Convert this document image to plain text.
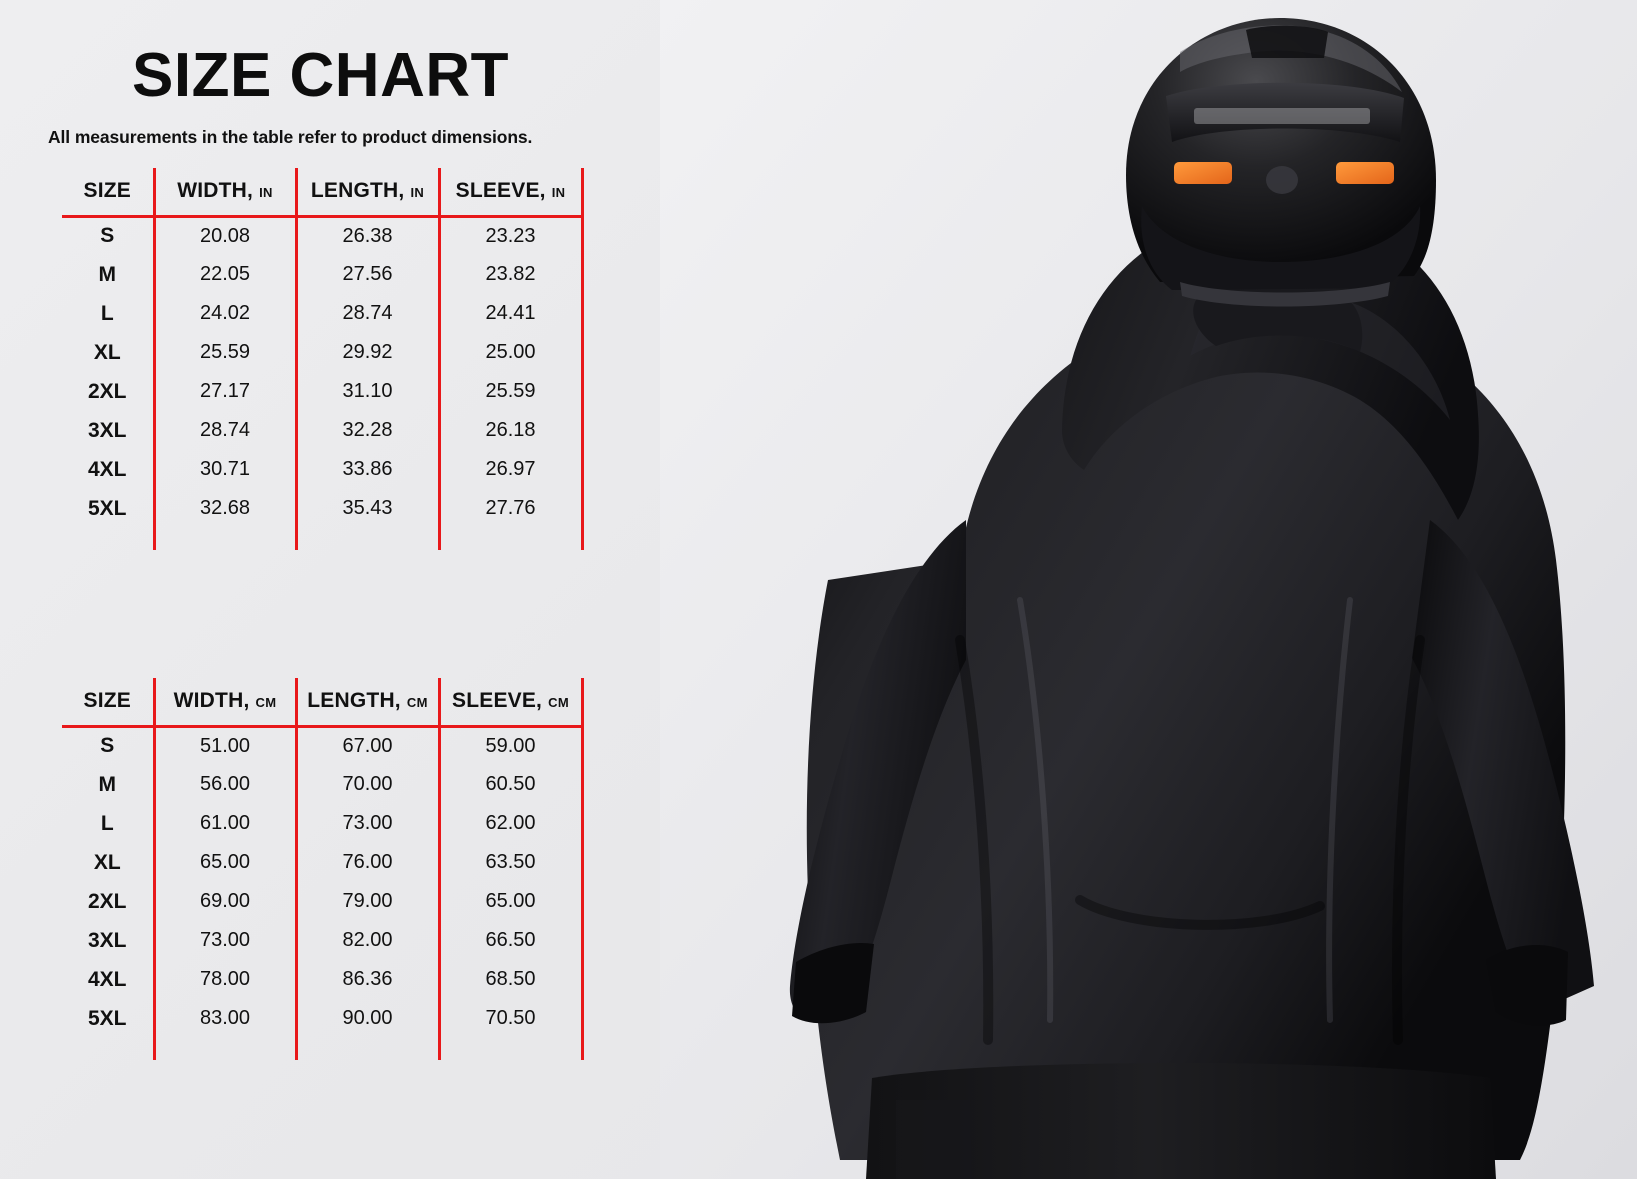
SIZE CHART
All measurements in the table refer to product dimensions.
SIZE	WIDTH, IN	LENGTH, IN	SLEEVE, IN
S	20.08	26.38	23.23
M	22.05	27.56	23.82
L	24.02	28.74	24.41
XL	25.59	29.92	25.00
2XL	27.17	31.10	25.59
3XL	28.74	32.28	26.18
4XL	30.71	33.86	26.97
5XL	32.68	35.43	27.76

SIZE	WIDTH, CM	LENGTH, CM	SLEEVE, CM
S	51.00	67.00	59.00
M	56.00	70.00	60.50
L	61.00	73.00	62.00
XL	65.00	76.00	63.50
2XL	69.00	79.00	65.00
3XL	73.00	82.00	66.50
4XL	78.00	86.36	68.50
5XL	83.00	90.00	70.50
